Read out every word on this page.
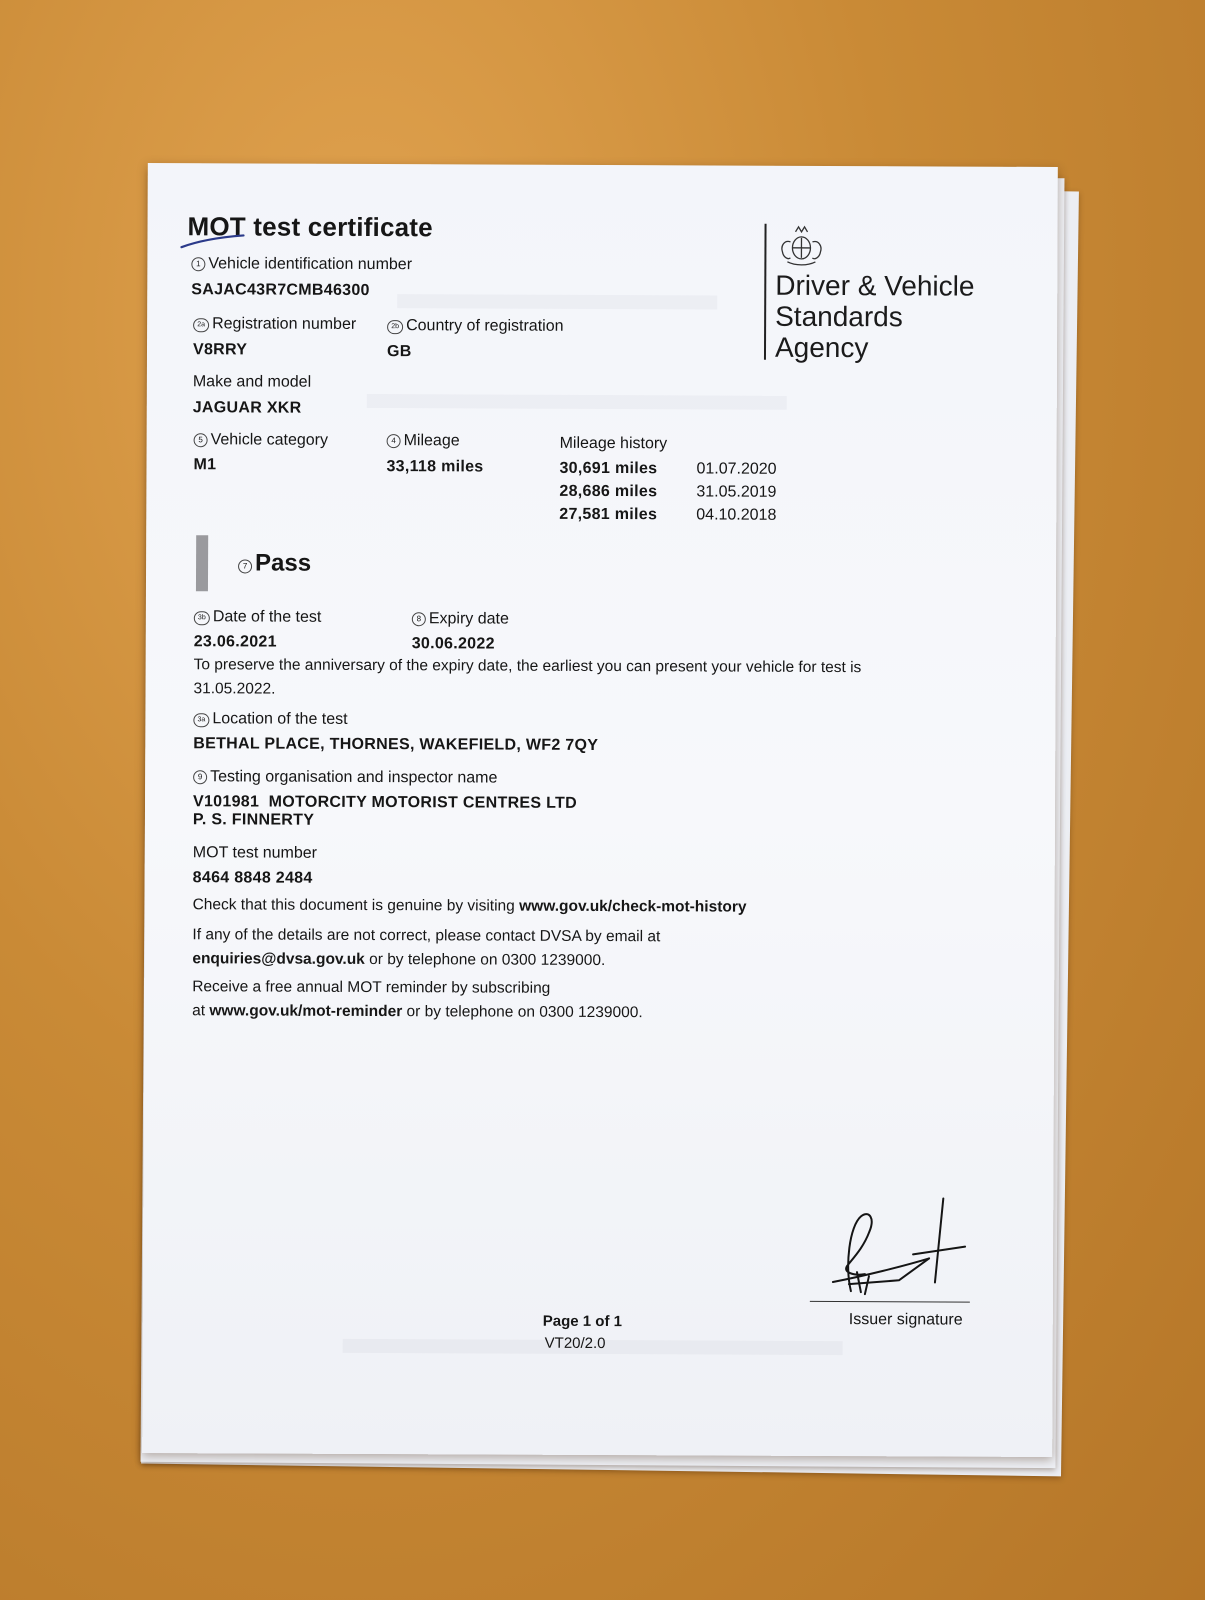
MOT test certificate
Driver & Vehicle
Standards
Agency
1 Vehicle identification number
SAJAC43R7CMB46300
2a Registration number
V8RRY
2b Country of registration
GB
Make and model
JAGUAR XKR
5 Vehicle category
M1
4 Mileage
33,118 miles
Mileage history
30,691 miles 01.07.2020
28,686 miles 31.05.2019
27,581 miles 04.10.2018
7 Pass
3b Date of the test
23.06.2021
8 Expiry date
30.06.2022
To preserve the anniversary of the expiry date, the earliest you can present your vehicle for test is 31.05.2022.
3a Location of the test
BETHAL PLACE, THORNES, WAKEFIELD, WF2 7QY
9 Testing organisation and inspector name
V101981  MOTORCITY MOTORIST CENTRES LTD
P. S. FINNERTY
MOT test number
8464 8848 2484
Check that this document is genuine by visiting www.gov.uk/check-mot-history
If any of the details are not correct, please contact DVSA by email at
enquiries@dvsa.gov.uk or by telephone on 0300 1239000.
Receive a free annual MOT reminder by subscribing
at www.gov.uk/mot-reminder or by telephone on 0300 1239000.
Issuer signature
Page 1 of 1
VT20/2.0
